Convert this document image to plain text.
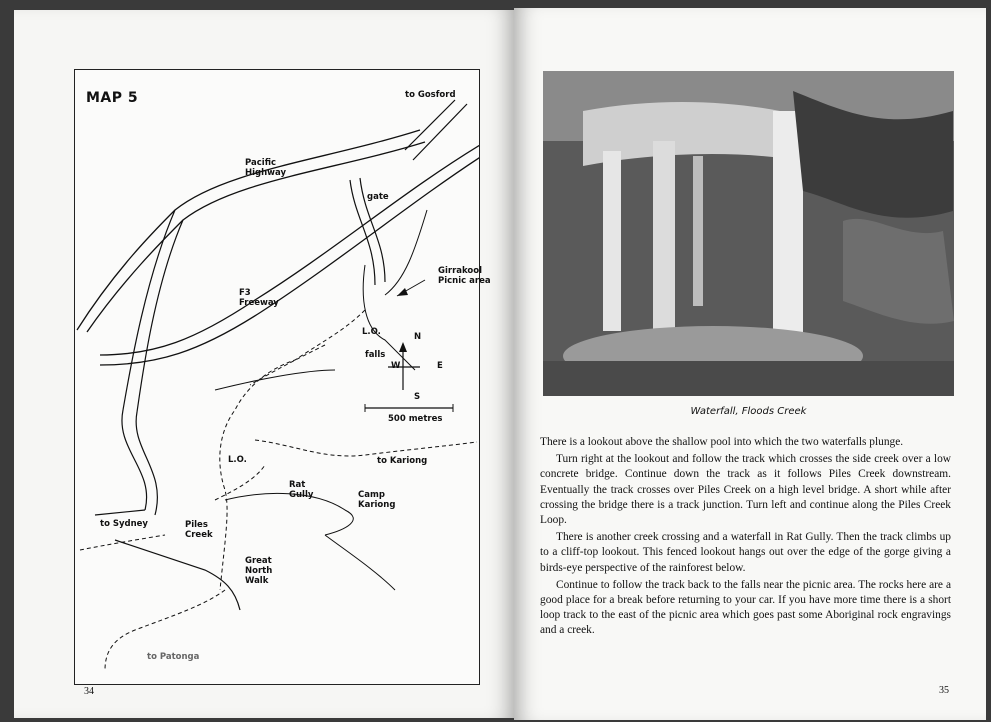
MAP 5	to Gosford
Pacific Highway
gate
Girrakool Picnic area
F3 Freeway
L.O.
falls
N
E
S
W
500 metres
L.O.	to Kariong
Rat Gully	Camp Kariong
to Sydney	Piles Creek
Great North Walk
to Patonga
34
Waterfall, Floods Creek

There is a lookout above the shallow pool into which the two waterfalls plunge.

Turn right at the lookout and follow the track which crosses the side creek over a low concrete bridge. Continue down the track as it follows Piles Creek downstream. Eventually the track crosses over Piles Creek on a high level bridge. A short while after crossing the bridge there is a track junction. Turn left and continue along the Piles Creek Loop.

There is another creek crossing and a waterfall in Rat Gully. Then the track climbs up to a cliff-top lookout. This fenced lookout hangs out over the edge of the gorge giving a birds-eye perspective of the rainforest below.

Continue to follow the track back to the falls near the picnic area. The rocks here are a good place for a break before returning to your car. If you have more time there is a short loop track to the east of the picnic area which goes past some Aboriginal rock engravings and a creek.

35
